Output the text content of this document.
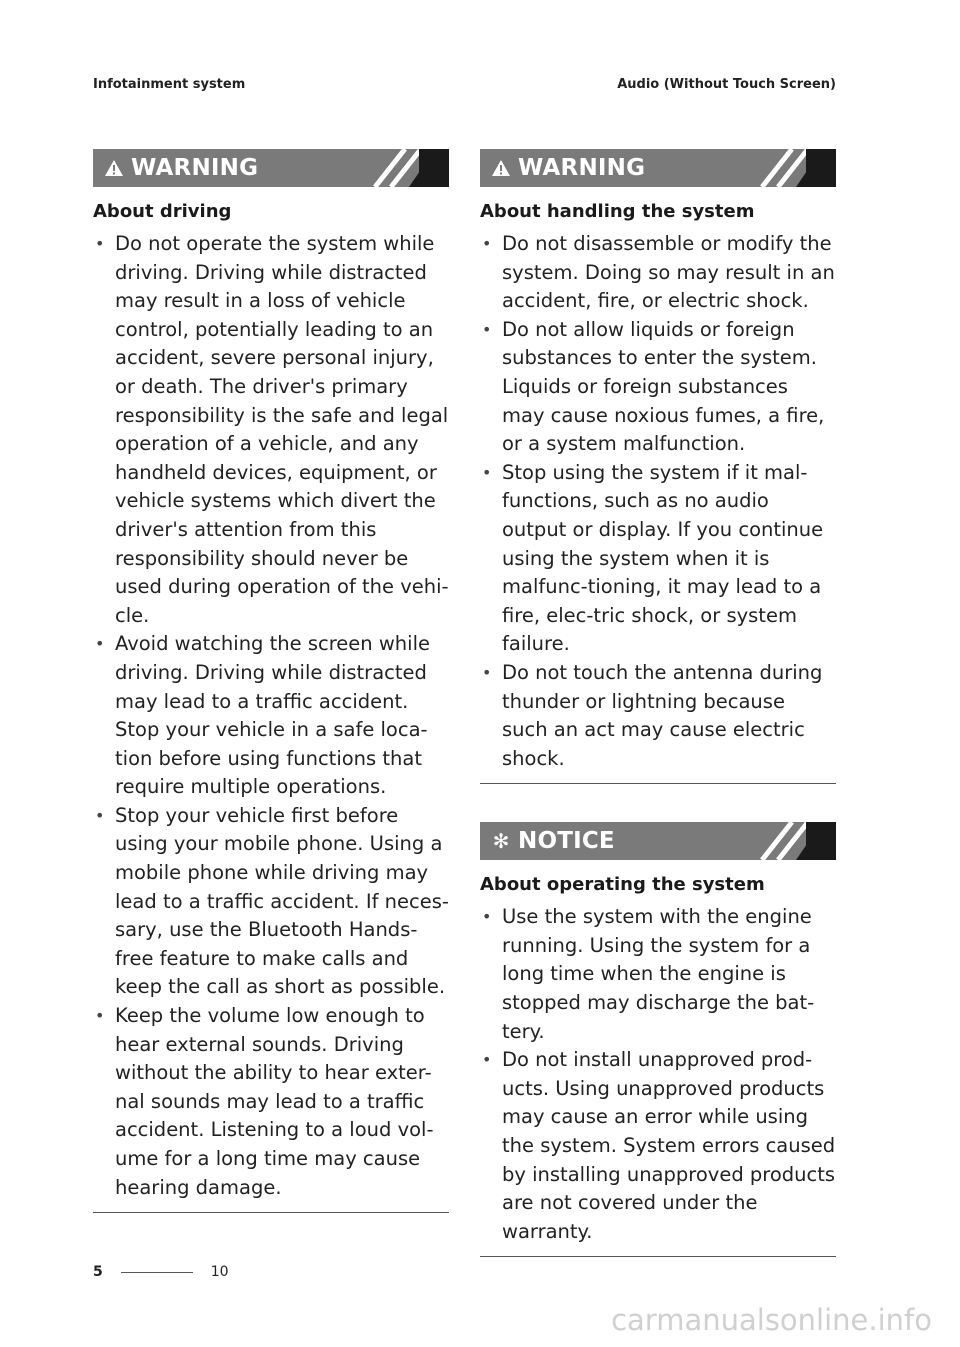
Infotainment system	Audio (Without Touch Screen)
WARNING
About driving
• Do not operate the system while driving. Driving while distracted may result in a loss of vehicle control, potentially leading to an accident, severe personal injury, or death. The driver's primary responsibility is the safe and legal operation of a vehicle, and any handheld devices, equipment, or vehicle systems which divert the driver's attention from this responsibility should never be used during operation of the vehi-cle.
• Avoid watching the screen while driving. Driving while distracted may lead to a traffic accident. Stop your vehicle in a safe loca-tion before using functions that require multiple operations.
• Stop your vehicle first before using your mobile phone. Using a mobile phone while driving may lead to a traffic accident. If neces-sary, use the Bluetooth Hands-free feature to make calls and keep the call as short as possible.
• Keep the volume low enough to hear external sounds. Driving without the ability to hear exter-nal sounds may lead to a traffic accident. Listening to a loud vol-ume for a long time may cause hearing damage.
WARNING
About handling the system
• Do not disassemble or modify the system. Doing so may result in an accident, fire, or electric shock.
• Do not allow liquids or foreign substances to enter the system. Liquids or foreign substances may cause noxious fumes, a fire, or a system malfunction.
• Stop using the system if it mal-functions, such as no audio output or display. If you continue using the system when it is malfunc-tioning, it may lead to a fire, elec-tric shock, or system failure.
• Do not touch the antenna during thunder or lightning because such an act may cause electric shock.
✻ NOTICE
About operating the system
• Use the system with the engine running. Using the system for a long time when the engine is stopped may discharge the bat-tery.
• Do not install unapproved prod-ucts. Using unapproved products may cause an error while using the system. System errors caused by installing unapproved products are not covered under the warranty.
5	10
carmanualsonline.info
